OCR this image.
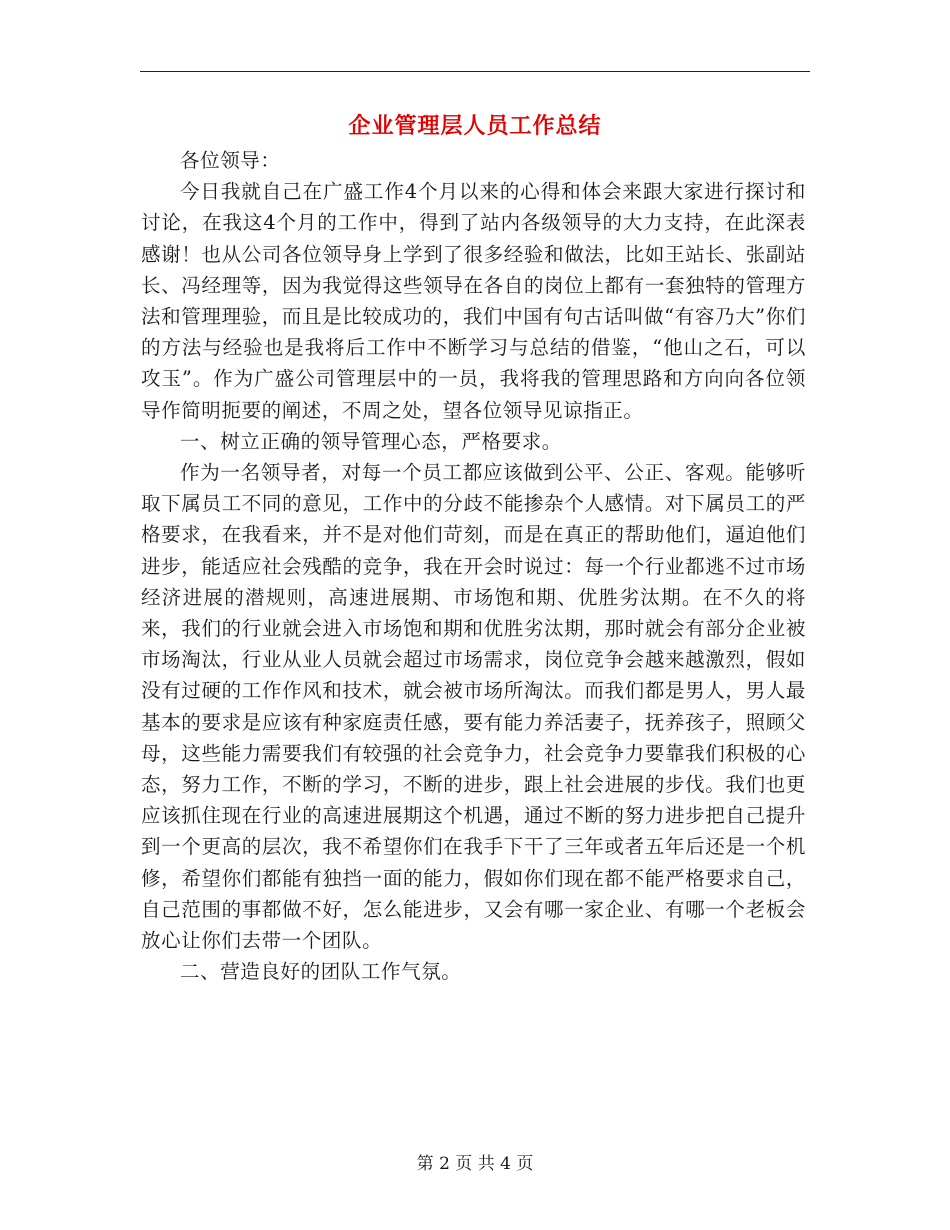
企业管理层人员工作总结

各位领导：

今日我就自己在广盛工作4个月以来的心得和体会来跟大家进行探讨和讨论，在我这4个月的工作中，得到了站内各级领导的大力支持，在此深表感谢！也从公司各位领导身上学到了很多经验和做法，比如王站长、张副站长、冯经理等，因为我觉得这些领导在各自的岗位上都有一套独特的管理方法和管理理验，而且是比较成功的，我们中国有句古话叫做“有容乃大”你们的方法与经验也是我将后工作中不断学习与总结的借鉴，“他山之石，可以攻玉”。作为广盛公司管理层中的一员，我将我的管理思路和方向向各位领导作简明扼要的阐述，不周之处，望各位领导见谅指正。

一、树立正确的领导管理心态，严格要求。

作为一名领导者，对每一个员工都应该做到公平、公正、客观。能够听取下属员工不同的意见，工作中的分歧不能掺杂个人感情。对下属员工的严格要求，在我看来，并不是对他们苛刻，而是在真正的帮助他们，逼迫他们进步，能适应社会残酷的竞争，我在开会时说过：每一个行业都逃不过市场经济进展的潜规则，高速进展期、市场饱和期、优胜劣汰期。在不久的将来，我们的行业就会进入市场饱和期和优胜劣汰期，那时就会有部分企业被市场淘汰，行业从业人员就会超过市场需求，岗位竞争会越来越激烈，假如没有过硬的工作作风和技术，就会被市场所淘汰。而我们都是男人，男人最基本的要求是应该有种家庭责任感，要有能力养活妻子，抚养孩子，照顾父母，这些能力需要我们有较强的社会竞争力，社会竞争力要靠我们积极的心态，努力工作，不断的学习，不断的进步，跟上社会进展的步伐。我们也更应该抓住现在行业的高速进展期这个机遇，通过不断的努力进步把自己提升到一个更高的层次，我不希望你们在我手下干了三年或者五年后还是一个机修，希望你们都能有独挡一面的能力，假如你们现在都不能严格要求自己，自己范围的事都做不好，怎么能进步，又会有哪一家企业、有哪一个老板会放心让你们去带一个团队。

二、营造良好的团队工作气氛。

第 2 页 共 4 页
